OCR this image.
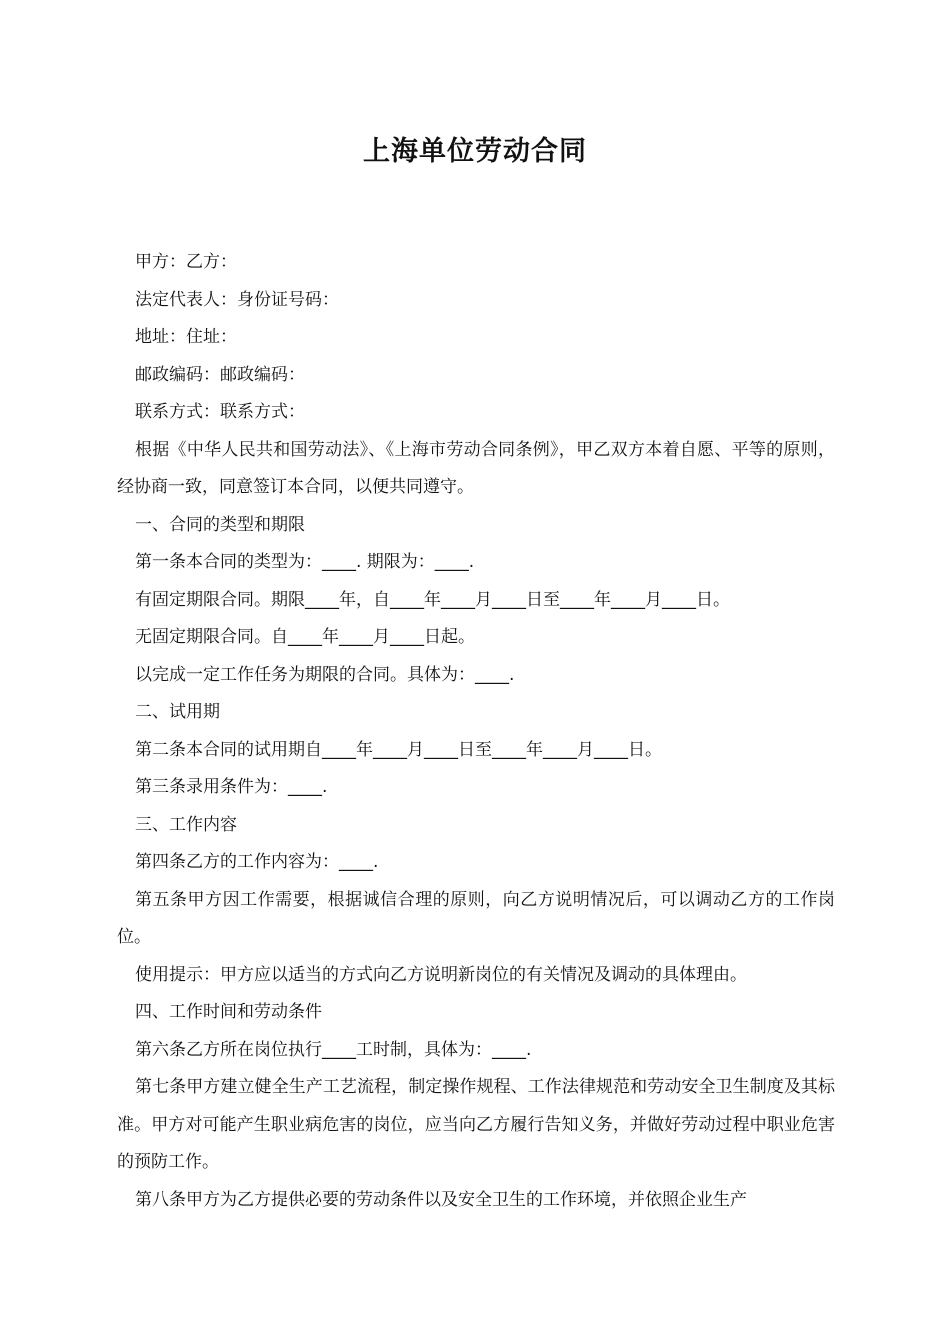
上海单位劳动合同

甲方：乙方：

法定代表人：身份证号码：

地址：住址：

邮政编码：邮政编码：

联系方式：联系方式：

根据《中华人民共和国劳动法》、《上海市劳动合同条例》，甲乙双方本着自愿、平等的原则，经协商一致，同意签订本合同，以便共同遵守。

一、合同的类型和期限

第一条本合同的类型为：____. 期限为：____.

有固定期限合同。期限____年，自____年____月____日至____年____月____日。

无固定期限合同。自____年____月____日起。

以完成一定工作任务为期限的合同。具体为：____.

二、试用期

第二条本合同的试用期自____年____月____日至____年____月____日。

第三条录用条件为：____.

三、工作内容

第四条乙方的工作内容为：____.

第五条甲方因工作需要，根据诚信合理的原则，向乙方说明情况后，可以调动乙方的工作岗位。

使用提示：甲方应以适当的方式向乙方说明新岗位的有关情况及调动的具体理由。

四、工作时间和劳动条件

第六条乙方所在岗位执行____工时制，具体为：____.

第七条甲方建立健全生产工艺流程，制定操作规程、工作法律规范和劳动安全卫生制度及其标准。甲方对可能产生职业病危害的岗位，应当向乙方履行告知义务，并做好劳动过程中职业危害的预防工作。

第八条甲方为乙方提供必要的劳动条件以及安全卫生的工作环境，并依照企业生产
